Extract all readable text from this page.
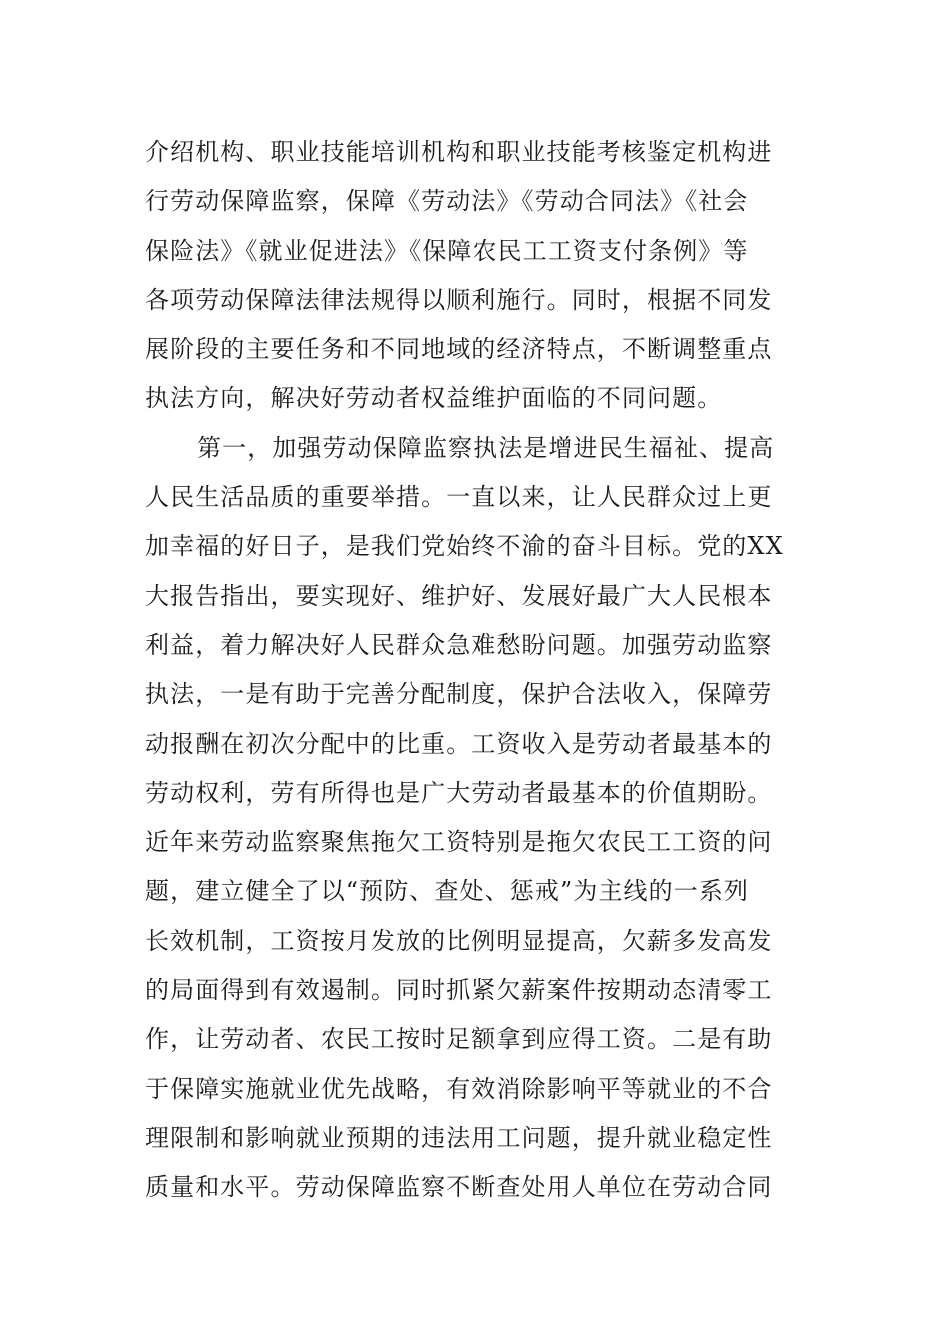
介绍机构、职业技能培训机构和职业技能考核鉴定机构进
行劳动保障监察，保障《劳动法》《劳动合同法》《社会
保险法》《就业促进法》《保障农民工工资支付条例》等
各项劳动保障法律法规得以顺利施行。同时，根据不同发
展阶段的主要任务和不同地域的经济特点，不断调整重点
执法方向，解决好劳动者权益维护面临的不同问题。
第一，加强劳动保障监察执法是增进民生福祉、提高
人民生活品质的重要举措。一直以来，让人民群众过上更
加幸福的好日子，是我们党始终不渝的奋斗目标。党的XX
大报告指出，要实现好、维护好、发展好最广大人民根本
利益，着力解决好人民群众急难愁盼问题。加强劳动监察
执法，一是有助于完善分配制度，保护合法收入，保障劳
动报酬在初次分配中的比重。工资收入是劳动者最基本的
劳动权利，劳有所得也是广大劳动者最基本的价值期盼。
近年来劳动监察聚焦拖欠工资特别是拖欠农民工工资的问
题，建立健全了以“预防、查处、惩戒”为主线的一系列
长效机制，工资按月发放的比例明显提高，欠薪多发高发
的局面得到有效遏制。同时抓紧欠薪案件按期动态清零工
作，让劳动者、农民工按时足额拿到应得工资。二是有助
于保障实施就业优先战略，有效消除影响平等就业的不合
理限制和影响就业预期的违法用工问题，提升就业稳定性
质量和水平。劳动保障监察不断查处用人单位在劳动合同
